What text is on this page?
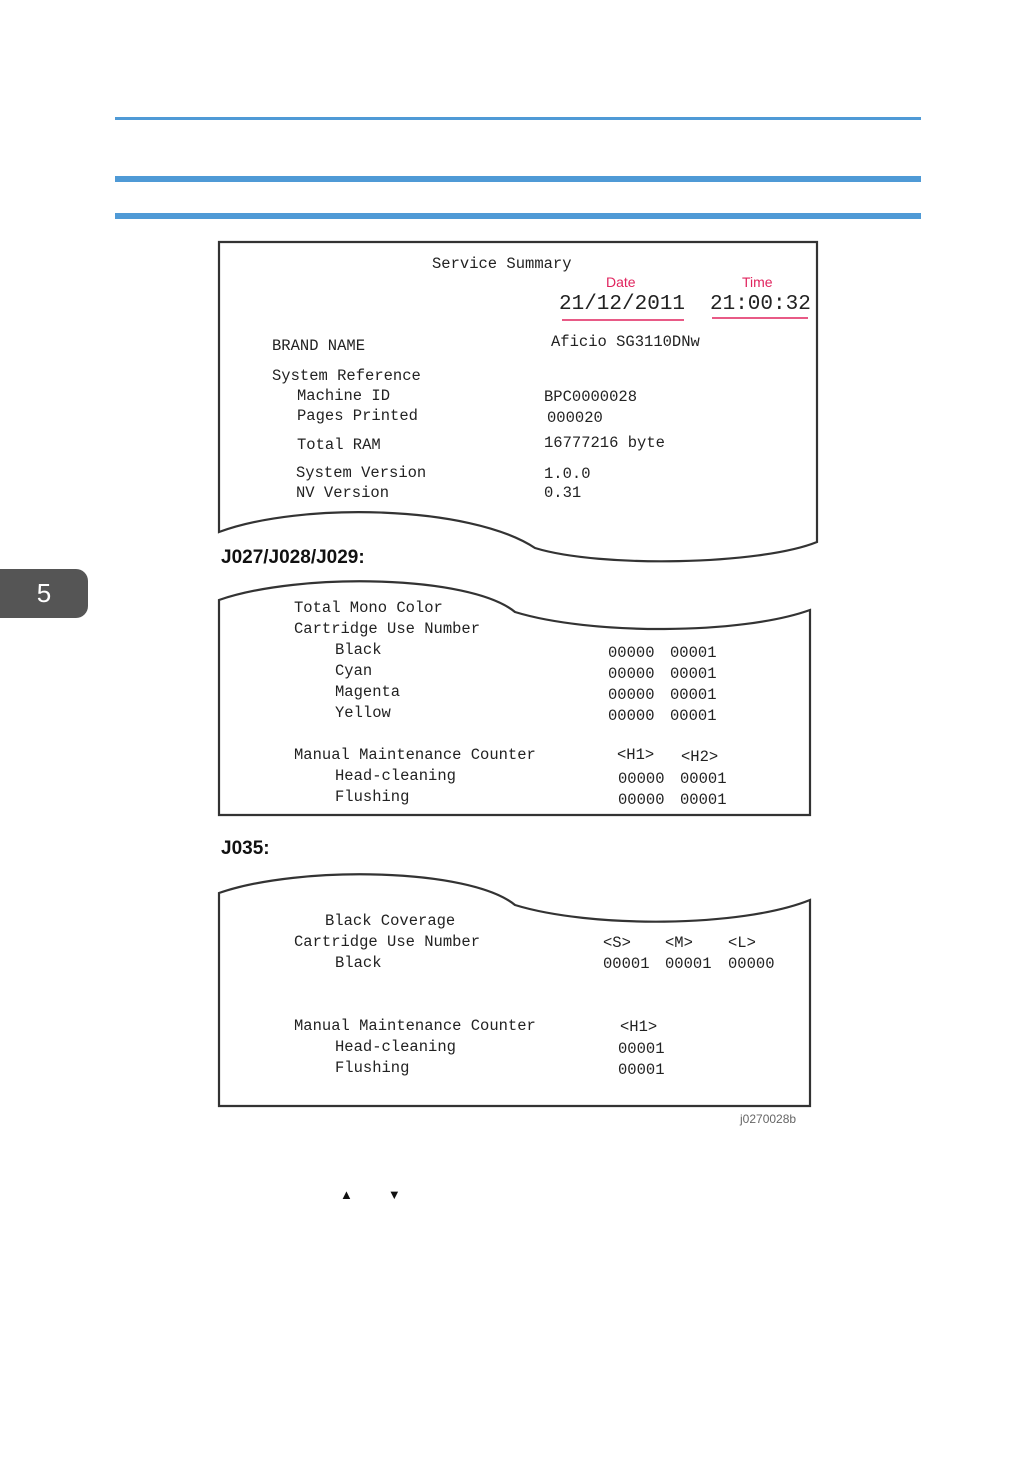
5
Service Summary
Date	Time
21/12/2011 21:00:32
BRAND NAME	Aficio SG3110DNw
System Reference
Machine ID	BPC0000028
Pages Printed	000020
Total RAM	16777216 byte
System Version	1.0.0
NV Version	0.31
J027/J028/J029:
Total Mono Color
Cartridge Use Number
Black	00000 00001
Cyan	00000 00001
Magenta	00000 00001
Yellow	00000 00001
Manual Maintenance Counter	<H1> <H2>
Head-cleaning	00000 00001
Flushing	00000 00001
J035:
Black Coverage
Cartridge Use Number	<S> <M> <L>
Black	00001 00001 00000
Manual Maintenance Counter	<H1>
Head-cleaning	00001
Flushing	00001
j0270028b
▲	▼
